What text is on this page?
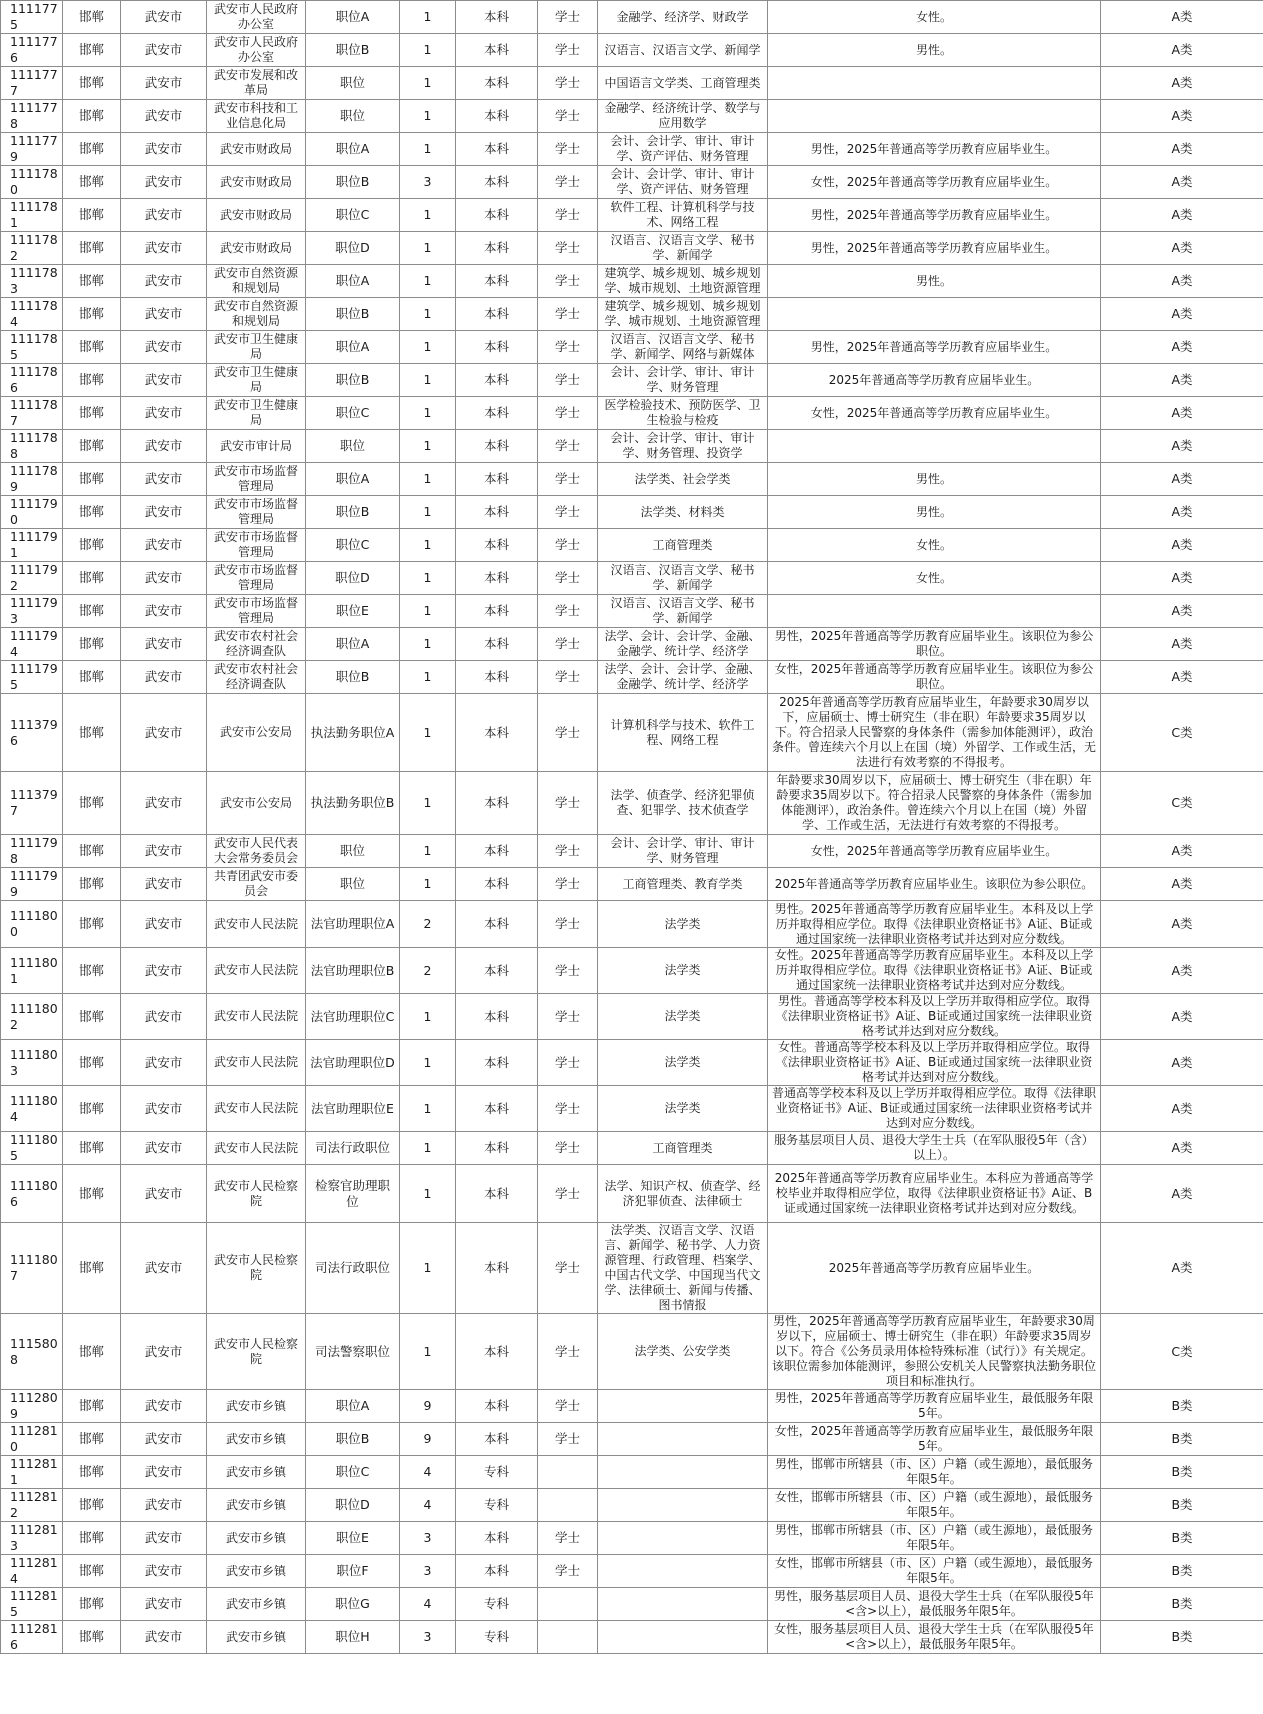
1111775	邯郸	武安市	武安市人民政府办公室	职位A	1	本科	学士	金融学、经济学、财政学	女性。	A类
1111776	邯郸	武安市	武安市人民政府办公室	职位B	1	本科	学士	汉语言、汉语言文学、新闻学	男性。	A类
1111777	邯郸	武安市	武安市发展和改革局	职位	1	本科	学士	中国语言文学类、工商管理类		A类
1111778	邯郸	武安市	武安市科技和工业信息化局	职位	1	本科	学士	金融学、经济统计学、数学与应用数学		A类
1111779	邯郸	武安市	武安市财政局	职位A	1	本科	学士	会计、会计学、审计、审计学、资产评估、财务管理	男性，2025年普通高等学历教育应届毕业生。	A类
1111780	邯郸	武安市	武安市财政局	职位B	3	本科	学士	会计、会计学、审计、审计学、资产评估、财务管理	女性，2025年普通高等学历教育应届毕业生。	A类
1111781	邯郸	武安市	武安市财政局	职位C	1	本科	学士	软件工程、计算机科学与技术、网络工程	男性，2025年普通高等学历教育应届毕业生。	A类
1111782	邯郸	武安市	武安市财政局	职位D	1	本科	学士	汉语言、汉语言文学、秘书学、新闻学	男性，2025年普通高等学历教育应届毕业生。	A类
1111783	邯郸	武安市	武安市自然资源和规划局	职位A	1	本科	学士	建筑学、城乡规划、城乡规划学、城市规划、土地资源管理	男性。	A类
1111784	邯郸	武安市	武安市自然资源和规划局	职位B	1	本科	学士	建筑学、城乡规划、城乡规划学、城市规划、土地资源管理		A类
1111785	邯郸	武安市	武安市卫生健康局	职位A	1	本科	学士	汉语言、汉语言文学、秘书学、新闻学、网络与新媒体	男性，2025年普通高等学历教育应届毕业生。	A类
1111786	邯郸	武安市	武安市卫生健康局	职位B	1	本科	学士	会计、会计学、审计、审计学、财务管理	2025年普通高等学历教育应届毕业生。	A类
1111787	邯郸	武安市	武安市卫生健康局	职位C	1	本科	学士	医学检验技术、预防医学、卫生检验与检疫	女性，2025年普通高等学历教育应届毕业生。	A类
1111788	邯郸	武安市	武安市审计局	职位	1	本科	学士	会计、会计学、审计、审计学、财务管理、投资学		A类
1111789	邯郸	武安市	武安市市场监督管理局	职位A	1	本科	学士	法学类、社会学类	男性。	A类
1111790	邯郸	武安市	武安市市场监督管理局	职位B	1	本科	学士	法学类、材料类	男性。	A类
1111791	邯郸	武安市	武安市市场监督管理局	职位C	1	本科	学士	工商管理类	女性。	A类
1111792	邯郸	武安市	武安市市场监督管理局	职位D	1	本科	学士	汉语言、汉语言文学、秘书学、新闻学	女性。	A类
1111793	邯郸	武安市	武安市市场监督管理局	职位E	1	本科	学士	汉语言、汉语言文学、秘书学、新闻学		A类
1111794	邯郸	武安市	武安市农村社会经济调查队	职位A	1	本科	学士	法学、会计、会计学、金融、金融学、统计学、经济学	男性，2025年普通高等学历教育应届毕业生。该职位为参公职位。	A类
1111795	邯郸	武安市	武安市农村社会经济调查队	职位B	1	本科	学士	法学、会计、会计学、金融、金融学、统计学、经济学	女性，2025年普通高等学历教育应届毕业生。该职位为参公职位。	A类
1113796	邯郸	武安市	武安市公安局	执法勤务职位A	1	本科	学士	计算机科学与技术、软件工程、网络工程	2025年普通高等学历教育应届毕业生，年龄要求30周岁以下，应届硕士、博士研究生（非在职）年龄要求35周岁以下。符合招录人民警察的身体条件（需参加体能测评），政治条件。曾连续六个月以上在国（境）外留学、工作或生活，无法进行有效考察的不得报考。	C类
1113797	邯郸	武安市	武安市公安局	执法勤务职位B	1	本科	学士	法学、侦查学、经济犯罪侦查、犯罪学、技术侦查学	年龄要求30周岁以下，应届硕士、博士研究生（非在职）年龄要求35周岁以下。符合招录人民警察的身体条件（需参加体能测评），政治条件。曾连续六个月以上在国（境）外留学、工作或生活，无法进行有效考察的不得报考。	C类
1111798	邯郸	武安市	武安市人民代表大会常务委员会	职位	1	本科	学士	会计、会计学、审计、审计学、财务管理	女性，2025年普通高等学历教育应届毕业生。	A类
1111799	邯郸	武安市	共青团武安市委员会	职位	1	本科	学士	工商管理类、教育学类	2025年普通高等学历教育应届毕业生。该职位为参公职位。	A类
1111800	邯郸	武安市	武安市人民法院	法官助理职位A	2	本科	学士	法学类	男性。2025年普通高等学历教育应届毕业生。本科及以上学历并取得相应学位。取得《法律职业资格证书》A证、B证或通过国家统一法律职业资格考试并达到对应分数线。	A类
1111801	邯郸	武安市	武安市人民法院	法官助理职位B	2	本科	学士	法学类	女性。2025年普通高等学历教育应届毕业生。本科及以上学历并取得相应学位。取得《法律职业资格证书》A证、B证或通过国家统一法律职业资格考试并达到对应分数线。	A类
1111802	邯郸	武安市	武安市人民法院	法官助理职位C	1	本科	学士	法学类	男性。普通高等学校本科及以上学历并取得相应学位。取得《法律职业资格证书》A证、B证或通过国家统一法律职业资格考试并达到对应分数线。	A类
1111803	邯郸	武安市	武安市人民法院	法官助理职位D	1	本科	学士	法学类	女性。普通高等学校本科及以上学历并取得相应学位。取得《法律职业资格证书》A证、B证或通过国家统一法律职业资格考试并达到对应分数线。	A类
1111804	邯郸	武安市	武安市人民法院	法官助理职位E	1	本科	学士	法学类	普通高等学校本科及以上学历并取得相应学位。取得《法律职业资格证书》A证、B证或通过国家统一法律职业资格考试并达到对应分数线。	A类
1111805	邯郸	武安市	武安市人民法院	司法行政职位	1	本科	学士	工商管理类	服务基层项目人员、退役大学生士兵（在军队服役5年（含）以上）。	A类
1111806	邯郸	武安市	武安市人民检察院	检察官助理职位	1	本科	学士	法学、知识产权、侦查学、经济犯罪侦查、法律硕士	2025年普通高等学历教育应届毕业生。本科应为普通高等学校毕业并取得相应学位，取得《法律职业资格证书》A证、B证或通过国家统一法律职业资格考试并达到对应分数线。	A类
1111807	邯郸	武安市	武安市人民检察院	司法行政职位	1	本科	学士	法学类、汉语言文学、汉语言、新闻学、秘书学、人力资源管理、行政管理、档案学、中国古代文学、中国现当代文学、法律硕士、新闻与传播、图书情报	2025年普通高等学历教育应届毕业生。	A类
1115808	邯郸	武安市	武安市人民检察院	司法警察职位	1	本科	学士	法学类、公安学类	男性，2025年普通高等学历教育应届毕业生，年龄要求30周岁以下，应届硕士、博士研究生（非在职）年龄要求35周岁以下。符合《公务员录用体检特殊标准（试行）》有关规定。该职位需参加体能测评，参照公安机关人民警察执法勤务职位项目和标准执行。	C类
1112809	邯郸	武安市	武安市乡镇	职位A	9	本科	学士		男性，2025年普通高等学历教育应届毕业生，最低服务年限5年。	B类
1112810	邯郸	武安市	武安市乡镇	职位B	9	本科	学士		女性，2025年普通高等学历教育应届毕业生，最低服务年限5年。	B类
1112811	邯郸	武安市	武安市乡镇	职位C	4	专科			男性，邯郸市所辖县（市、区）户籍（或生源地），最低服务年限5年。	B类
1112812	邯郸	武安市	武安市乡镇	职位D	4	专科			女性，邯郸市所辖县（市、区）户籍（或生源地），最低服务年限5年。	B类
1112813	邯郸	武安市	武安市乡镇	职位E	3	本科	学士		男性，邯郸市所辖县（市、区）户籍（或生源地），最低服务年限5年。	B类
1112814	邯郸	武安市	武安市乡镇	职位F	3	本科	学士		女性，邯郸市所辖县（市、区）户籍（或生源地），最低服务年限5年。	B类
1112815	邯郸	武安市	武安市乡镇	职位G	4	专科			男性，服务基层项目人员、退役大学生士兵（在军队服役5年<含>以上），最低服务年限5年。	B类
1112816	邯郸	武安市	武安市乡镇	职位H	3	专科			女性，服务基层项目人员、退役大学生士兵（在军队服役5年<含>以上），最低服务年限5年。	B类
